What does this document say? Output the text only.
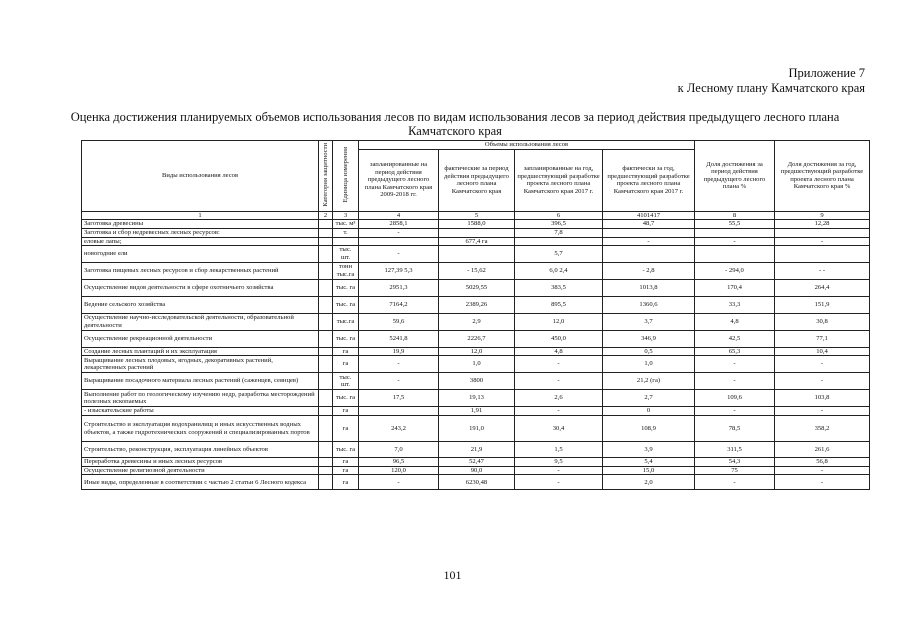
Приложение 7
к Лесному плану Камчатского края
Оценка достижения планируемых объемов использования лесов по видам использования лесов за период действия предыдущего лесного плана Камчатского края
Виды использования лесов	Категория защитности	Единица измерения	Объемы использования лесов				Доля достижения за период действия предыдущего лесного плана %	Доля достижения за год, предшествующий разработке проекта лесного плана Камчатского края %
			запланированные на период действия предыдущего лесного плана Камчатского края 2009-2018 гг.	фактические за период действия предыдущего лесного плана Камчатского края	запланированные на год, предшествующий разработке проекта лесного плана Камчатского края 2017 г.	фактически за год, предшествующий разработке проекта лесного плана Камчатского края 2017 г.		
1	2	3	4	5	6	4101417	8	9
Заготовка древесины		тыс. м³	2858,1	1588,0	396,5	48,7	55,5	12,28
Заготовка и сбор недревесных лесных ресурсов:		т.	-		7,8			
еловые лапы;				677,4 га		-	-	-
новогодние ели		тыс. шт.	-		5,7			
Заготовка пищевых лесных ресурсов и сбор лекарственных растений		тонн тыс.га	127,39 5,3	- 15,62	6,0 2,4	- 2,8	- 294,0	- -
Осуществление видов деятельности в сфере охотничьего хозяйства		тыс. га	2951,3	5029,55	383,5	1013,8	170,4	264,4
Ведение сельского хозяйства		тыс. га	7164,2	2389,26	895,5	1360,6	33,3	151,9
Осуществление научно-исследовательской деятельности, образовательной деятельности		тыс.га	59,6	2,9	12,0	3,7	4,8	30,8
Осуществление рекреационной деятельности		тыс. га	5241,8	2226,7	450,0	346,9	42,5	77,1
Создание лесных плантаций и их эксплуатация		га	19,9	12,0	4,8	0,5	65,3	10,4
Выращивание лесных плодовых, ягодных, декоративных растений, лекарственных растений		га	-	1,0	-	1,0	-	-
Выращивание посадочного материала лесных растений (саженцев, сеянцев)		тыс. шт.	-	3800	-	21,2 (га)	-	-
Выполнение работ по геологическому изучению недр, разработка месторождений полезных ископаемых		тыс. га	17,5	19,13	2,6	2,7	109,6	103,8
- изыскательские работы		га		1,91	-	0	-	-
Строительство и эксплуатация водохранилищ и иных искусственных водных объектов, а также гидротехнических сооружений и специализированных портов		га	243,2	191,0	30,4	108,9	78,5	358,2
Строительство, реконструкция, эксплуатация линейных объектов		тыс. га	7,0	21,9	1,5	3,9	311,5	261,6
Переработка древесины и иных лесных ресурсов		га	96,5	52,47	9,5	5,4	54,3	56,8
Осуществление религиозной деятельности		га	120,0	90,0	-	15,0	75	-
Иные виды, определенные в соответствии с частью 2 статьи 6 Лесного кодекса		га	-	6230,48	-	2,0	-	-
101
